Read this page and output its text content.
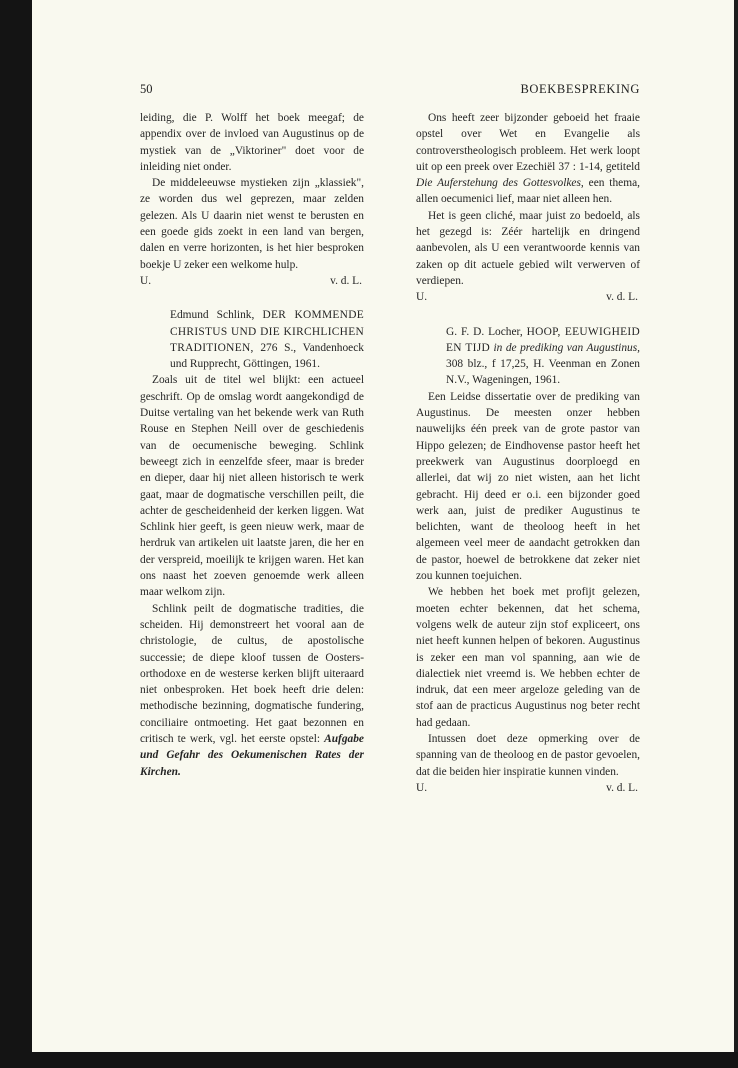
50	BOEKBESPREKING

leiding, die P. Wolff het boek meegaf; de appendix over de invloed van Augustinus op de mystiek van de „Viktoriner" doet voor de inleiding niet onder.

De middeleeuwse mystieken zijn „klassiek", ze worden dus wel geprezen, maar zelden gelezen. Als U daarin niet wenst te berusten en een goede gids zoekt in een land van bergen, dalen en verre horizonten, is het hier besproken boekje U zeker een welkome hulp.

U.	v. d. L.

Edmund Schlink, DER KOMMENDE CHRISTUS UND DIE KIRCHLICHEN TRADITIONEN, 276 S., Vandenhoeck und Rupprecht, Göttingen, 1961.

Zoals uit de titel wel blijkt: een actueel geschrift. Op de omslag wordt aangekondigd de Duitse vertaling van het bekende werk van Ruth Rouse en Stephen Neill over de geschiedenis van de oecumenische beweging. Schlink beweegt zich in eenzelfde sfeer, maar is breder en dieper, daar hij niet alleen historisch te werk gaat, maar de dogmatische verschillen peilt, die achter de gescheidenheid der kerken liggen. Wat Schlink hier geeft, is geen nieuw werk, maar de herdruk van artikelen uit laatste jaren, die her en der verspreid, moeilijk te krijgen waren. Het kan ons naast het zoeven genoemde werk alleen maar welkom zijn.

Schlink peilt de dogmatische tradities, die scheiden. Hij demonstreert het vooral aan de christologie, de cultus, de apostolische successie; de diepe kloof tussen de Oosters-orthodoxe en de westerse kerken blijft uiteraard niet onbesproken. Het boek heeft drie delen: methodische bezinning, dogmatische fundering, conciliaire ontmoeting. Het gaat bezonnen en critisch te werk, vgl. het eerste opstel: Aufgabe und Gefahr des Oekumenischen Rates der Kirchen.

Ons heeft zeer bijzonder geboeid het fraaie opstel over Wet en Evangelie als controverstheologisch probleem. Het werk loopt uit op een preek over Ezechiël 37 : 1-14, getiteld Die Auferstehung des Gottesvolkes, een thema, allen oecumenici lief, maar niet alleen hen.

Het is geen cliché, maar juist zo bedoeld, als het gezegd is: Zéér hartelijk en dringend aanbevolen, als U een verantwoorde kennis van zaken op dit actuele gebied wilt verwerven of verdiepen.

U.	v. d. L.

G. F. D. Locher, HOOP, EEUWIGHEID EN TIJD in de prediking van Augustinus, 308 blz., f 17,25, H. Veenman en Zonen N.V., Wageningen, 1961.

Een Leidse dissertatie over de prediking van Augustinus. De meesten onzer hebben nauwelijks één preek van de grote pastor van Hippo gelezen; de Eindhovense pastor heeft het preekwerk van Augustinus doorploegd en allerlei, dat wij zo niet wisten, aan het licht gebracht. Hij deed er o.i. een bijzonder goed werk aan, juist de prediker Augustinus te belichten, want de theoloog heeft in het algemeen veel meer de aandacht getrokken dan de pastor, hoewel de betrokkene dat zeker niet zou kunnen toejuichen.

We hebben het boek met profijt gelezen, moeten echter bekennen, dat het schema, volgens welk de auteur zijn stof expliceert, ons niet heeft kunnen helpen of bekoren. Augustinus is zeker een man vol spanning, aan wie de dialectiek niet vreemd is. We hebben echter de indruk, dat een meer argeloze geleding van de stof aan de practicus Augustinus nog beter recht had gedaan.

Intussen doet deze opmerking over de spanning van de theoloog en de pastor gevoelen, dat die beiden hier inspiratie kunnen vinden.

U.	v. d. L.
